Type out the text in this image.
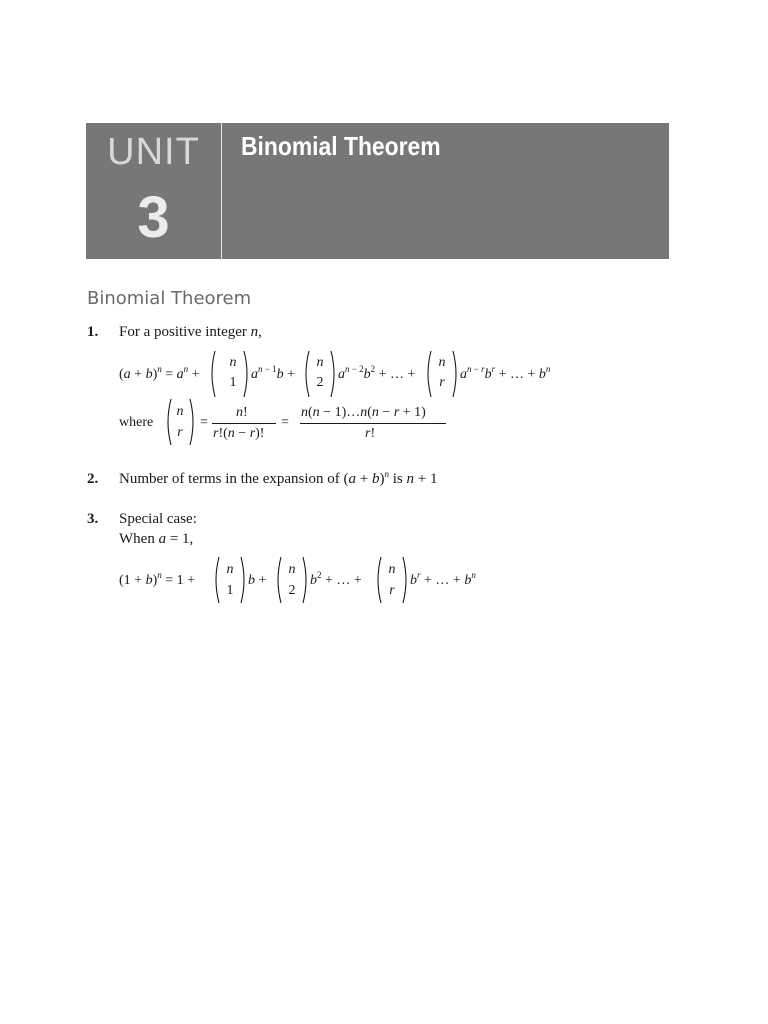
UNIT
3
Binomial Theorem
Binomial Theorem
1. For a positive integer n,
$(a + b)^n = a^n$ +
n
1
$a^{n - 1}b$ +
n
2
$a^{n - 2}b^2$ + … +
n
r
$a^{n - r}b^r$ + … + $b^n$
where
n
r
=
n!
r!(n − r)!
=
n(n − 1)…n(n − r + 1)
r!
2. Number of terms in the expansion of $(a + b)^n$ is n + 1
3. Special case:
When a = 1,
$(1 + b)^n = 1$ +
n
1
b +
n
2
$b^2$ + … +
n
r
$b^r$ + … + $b^n$
